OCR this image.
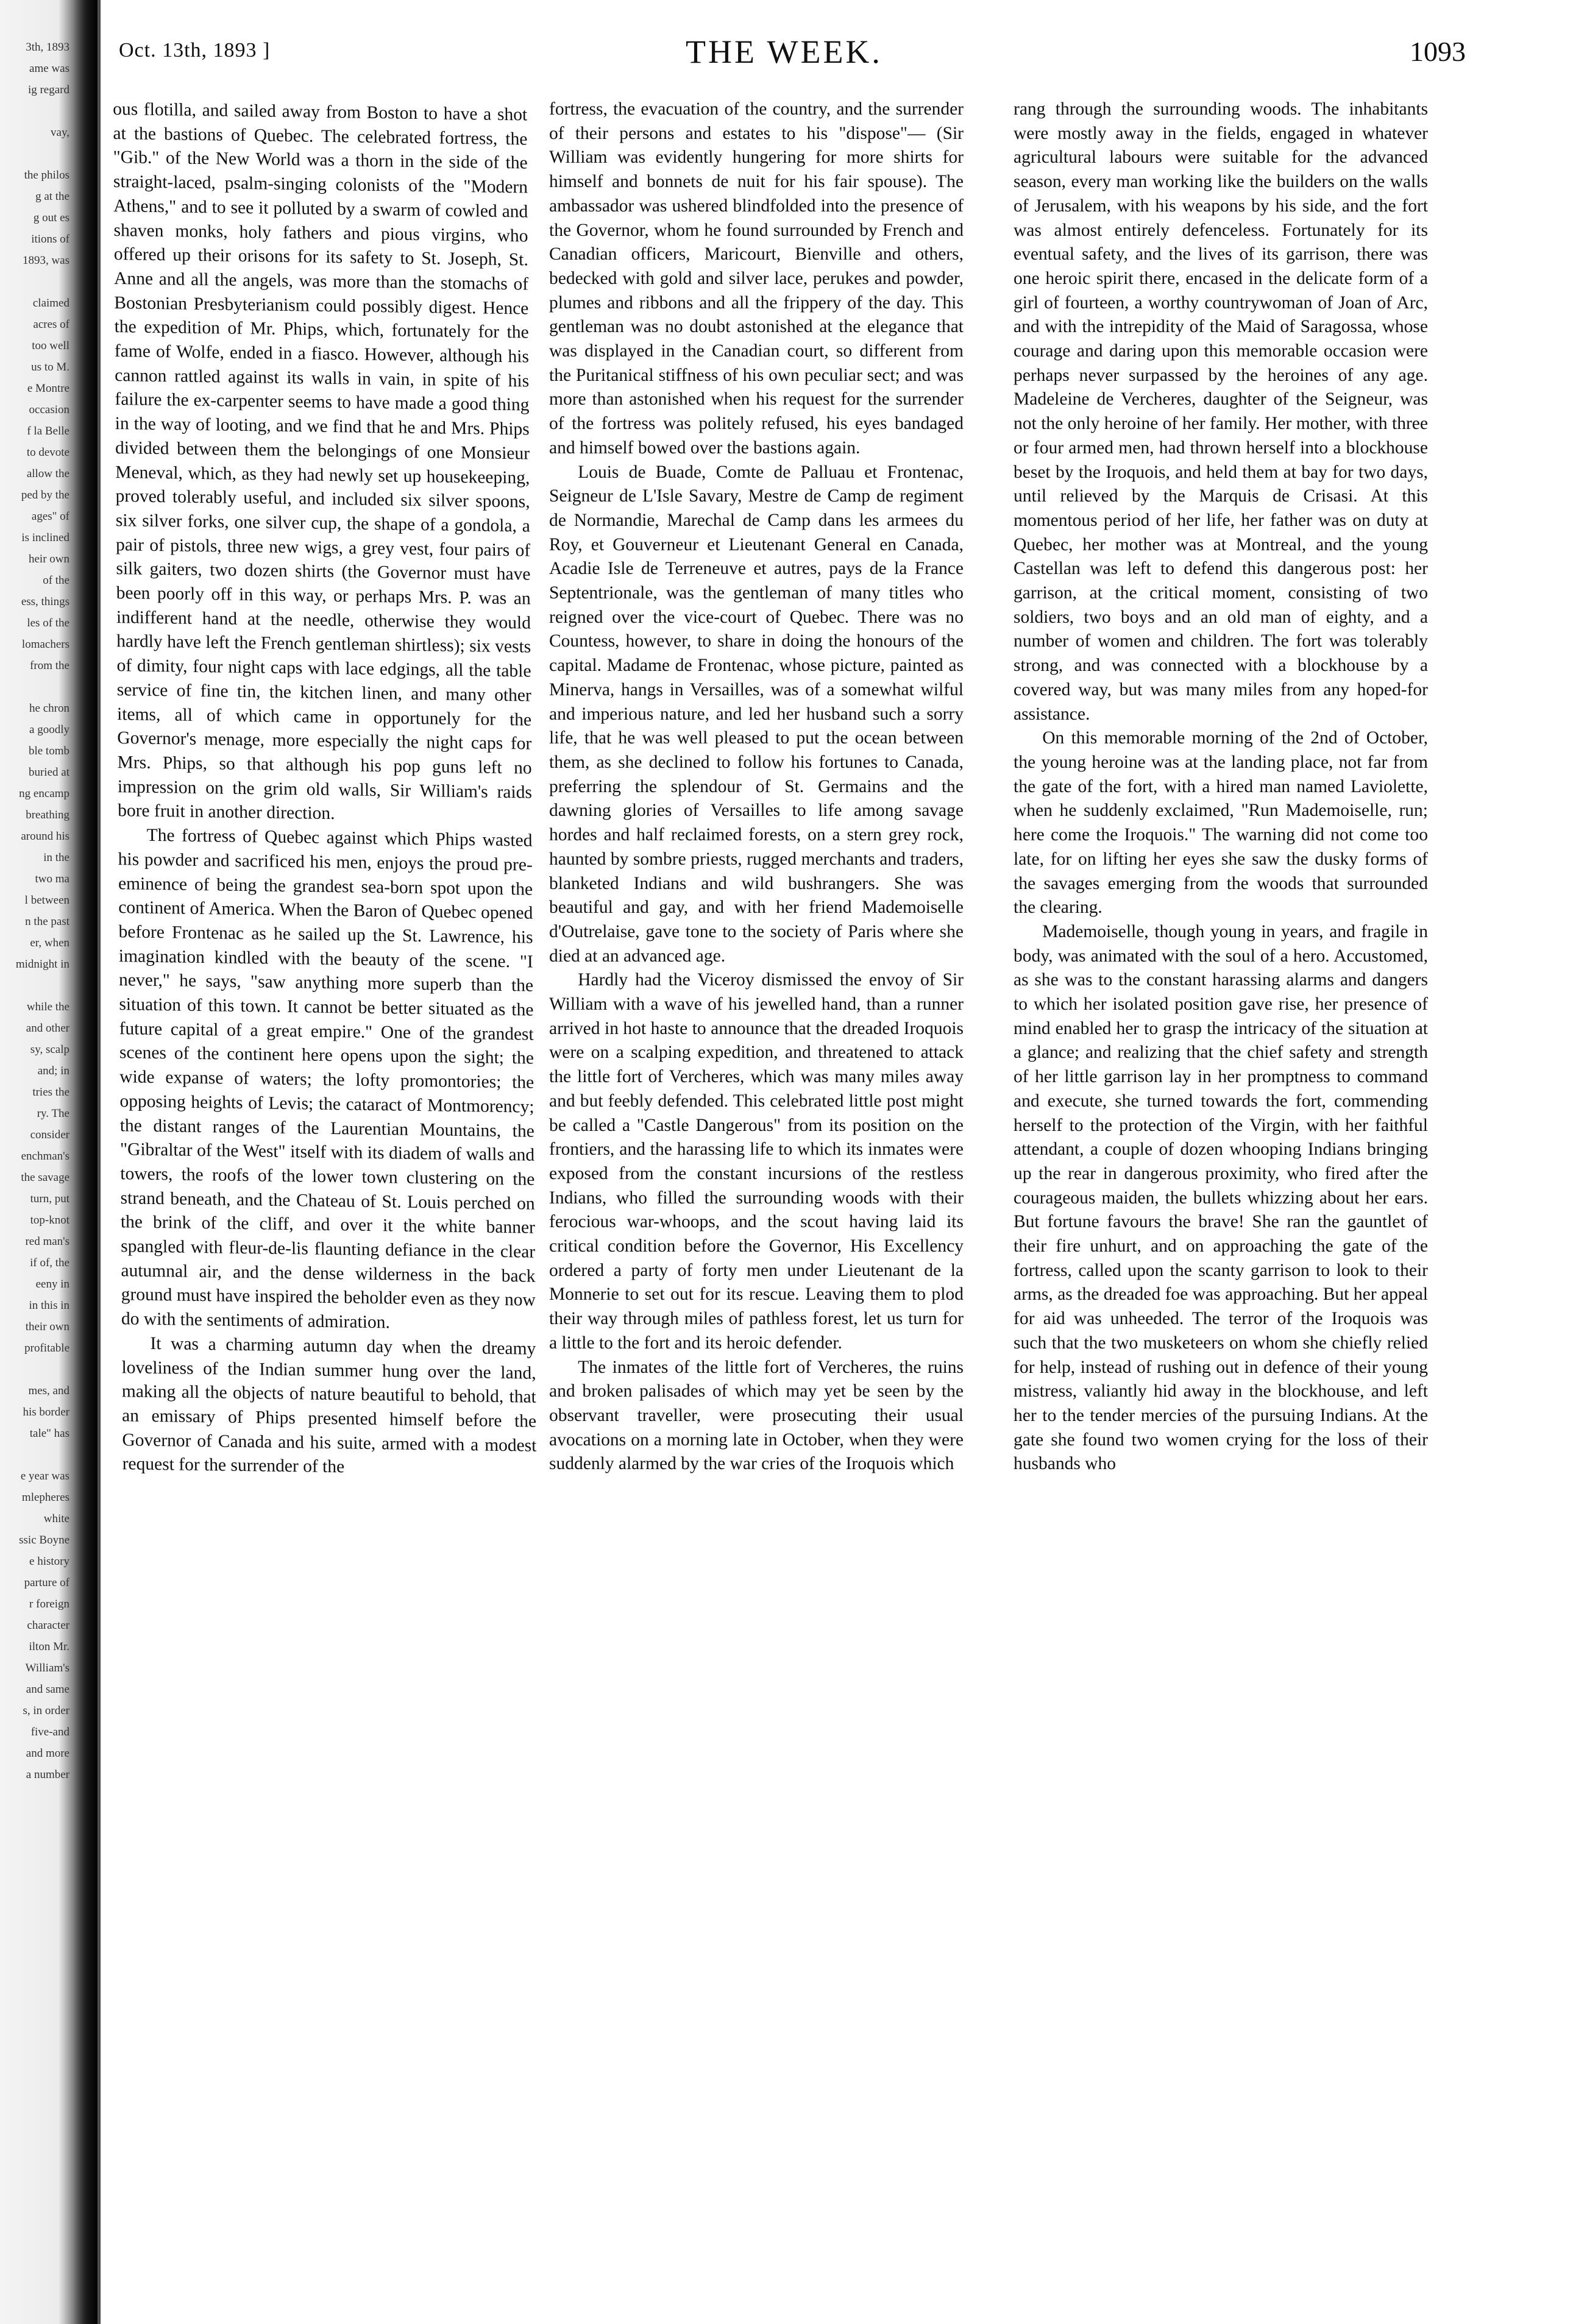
3th, 1893

ame was

ig regard

vay,

the philos

g at the

g out es

itions of

1893, was

claimed

acres of

too well

us to M.

e Montre

occasion

f la Belle

to devote

allow the

ped by the

ages" of

is inclined

heir own

of the

ess, things

les of the

lomachers

from the

he chron

a goodly

ble tomb

buried at

ng encamp

breathing

around his

in the

two ma

l between

n the past

er, when

midnight in

while the

and other

sy, scalp

and; in

tries the

ry. The

consider

enchman's

the savage

turn, put

top-knot

red man's

if of, the

eeny in

in this in

their own

profitable

mes, and

his border

tale" has

e year was

mlepheres

white

ssic Boyne

e history

parture of

r foreign

character

ilton Mr.

William's

and same

s, in order

five-and

and more

a number

Oct. 13th, 1893 ]	THE WEEK.	1093

ous flotilla, and sailed away from Boston to have a shot at the bastions of Quebec. The celebrated fortress, the "Gib." of the New World was a thorn in the side of the straight-laced, psalm-singing colonists of the "Modern Athens," and to see it polluted by a swarm of cowled and shaven monks, holy fathers and pious virgins, who offered up their orisons for its safety to St. Joseph, St. Anne and all the angels, was more than the stomachs of Bostonian Presbyterianism could possibly digest. Hence the expedition of Mr. Phips, which, fortunately for the fame of Wolfe, ended in a fiasco. However, although his cannon rattled against its walls in vain, in spite of his failure the ex-carpenter seems to have made a good thing in the way of looting, and we find that he and Mrs. Phips divided between them the belongings of one Monsieur Meneval, which, as they had newly set up housekeeping, proved tolerably useful, and included six silver spoons, six silver forks, one silver cup, the shape of a gondola, a pair of pistols, three new wigs, a grey vest, four pairs of silk gaiters, two dozen shirts (the Governor must have been poorly off in this way, or perhaps Mrs. P. was an indifferent hand at the needle, otherwise they would hardly have left the French gentleman shirtless); six vests of dimity, four night caps with lace edgings, all the table service of fine tin, the kitchen linen, and many other items, all of which came in opportunely for the Governor's menage, more especially the night caps for Mrs. Phips, so that although his pop guns left no impression on the grim old walls, Sir William's raids bore fruit in another direction.

The fortress of Quebec against which Phips wasted his powder and sacrificed his men, enjoys the proud pre-eminence of being the grandest sea-born spot upon the continent of America. When the Baron of Quebec opened before Frontenac as he sailed up the St. Lawrence, his imagination kindled with the beauty of the scene. "I never," he says, "saw anything more superb than the situation of this town. It cannot be better situated as the future capital of a great empire." One of the grandest scenes of the continent here opens upon the sight; the wide expanse of waters; the lofty promontories; the opposing heights of Levis; the cataract of Montmorency; the distant ranges of the Laurentian Mountains, the "Gibraltar of the West" itself with its diadem of walls and towers, the roofs of the lower town clustering on the strand beneath, and the Chateau of St. Louis perched on the brink of the cliff, and over it the white banner spangled with fleur-de-lis flaunting defiance in the clear autumnal air, and the dense wilderness in the back ground must have inspired the beholder even as they now do with the sentiments of admiration.

It was a charming autumn day when the dreamy loveliness of the Indian summer hung over the land, making all the objects of nature beautiful to behold, that an emissary of Phips presented himself before the Governor of Canada and his suite, armed with a modest request for the surrender of the

fortress, the evacuation of the country, and the surrender of their persons and estates to his "dispose"— (Sir William was evidently hungering for more shirts for himself and bonnets de nuit for his fair spouse). The ambassador was ushered blindfolded into the presence of the Governor, whom he found surrounded by French and Canadian officers, Maricourt, Bienville and others, bedecked with gold and silver lace, perukes and powder, plumes and ribbons and all the frippery of the day. This gentleman was no doubt astonished at the elegance that was displayed in the Canadian court, so different from the Puritanical stiffness of his own peculiar sect; and was more than astonished when his request for the surrender of the fortress was politely refused, his eyes bandaged and himself bowed over the bastions again.

Louis de Buade, Comte de Palluau et Frontenac, Seigneur de L'Isle Savary, Mestre de Camp de regiment de Normandie, Marechal de Camp dans les armees du Roy, et Gouverneur et Lieutenant General en Canada, Acadie Isle de Terreneuve et autres, pays de la France Septentrionale, was the gentleman of many titles who reigned over the vice-court of Quebec. There was no Countess, however, to share in doing the honours of the capital. Madame de Frontenac, whose picture, painted as Minerva, hangs in Versailles, was of a somewhat wilful and imperious nature, and led her husband such a sorry life, that he was well pleased to put the ocean between them, as she declined to follow his fortunes to Canada, preferring the splendour of St. Germains and the dawning glories of Versailles to life among savage hordes and half reclaimed forests, on a stern grey rock, haunted by sombre priests, rugged merchants and traders, blanketed Indians and wild bushrangers. She was beautiful and gay, and with her friend Mademoiselle d'Outrelaise, gave tone to the society of Paris where she died at an advanced age.

Hardly had the Viceroy dismissed the envoy of Sir William with a wave of his jewelled hand, than a runner arrived in hot haste to announce that the dreaded Iroquois were on a scalping expedition, and threatened to attack the little fort of Vercheres, which was many miles away and but feebly defended. This celebrated little post might be called a "Castle Dangerous" from its position on the frontiers, and the harassing life to which its inmates were exposed from the constant incursions of the restless Indians, who filled the surrounding woods with their ferocious war-whoops, and the scout having laid its critical condition before the Governor, His Excellency ordered a party of forty men under Lieutenant de la Monnerie to set out for its rescue. Leaving them to plod their way through miles of pathless forest, let us turn for a little to the fort and its heroic defender.

The inmates of the little fort of Vercheres, the ruins and broken palisades of which may yet be seen by the observant traveller, were prosecuting their usual avocations on a morning late in October, when they were suddenly alarmed by the war cries of the Iroquois which

rang through the surrounding woods. The inhabitants were mostly away in the fields, engaged in whatever agricultural labours were suitable for the advanced season, every man working like the builders on the walls of Jerusalem, with his weapons by his side, and the fort was almost entirely defenceless. Fortunately for its eventual safety, and the lives of its garrison, there was one heroic spirit there, encased in the delicate form of a girl of fourteen, a worthy countrywoman of Joan of Arc, and with the intrepidity of the Maid of Saragossa, whose courage and daring upon this memorable occasion were perhaps never surpassed by the heroines of any age. Madeleine de Vercheres, daughter of the Seigneur, was not the only heroine of her family. Her mother, with three or four armed men, had thrown herself into a blockhouse beset by the Iroquois, and held them at bay for two days, until relieved by the Marquis de Crisasi. At this momentous period of her life, her father was on duty at Quebec, her mother was at Montreal, and the young Castellan was left to defend this dangerous post: her garrison, at the critical moment, consisting of two soldiers, two boys and an old man of eighty, and a number of women and children. The fort was tolerably strong, and was connected with a blockhouse by a covered way, but was many miles from any hoped-for assistance.

On this memorable morning of the 2nd of October, the young heroine was at the landing place, not far from the gate of the fort, with a hired man named Laviolette, when he suddenly exclaimed, "Run Mademoiselle, run; here come the Iroquois." The warning did not come too late, for on lifting her eyes she saw the dusky forms of the savages emerging from the woods that surrounded the clearing.

Mademoiselle, though young in years, and fragile in body, was animated with the soul of a hero. Accustomed, as she was to the constant harassing alarms and dangers to which her isolated position gave rise, her presence of mind enabled her to grasp the intricacy of the situation at a glance; and realizing that the chief safety and strength of her little garrison lay in her promptness to command and execute, she turned towards the fort, commending herself to the protection of the Virgin, with her faithful attendant, a couple of dozen whooping Indians bringing up the rear in dangerous proximity, who fired after the courageous maiden, the bullets whizzing about her ears. But fortune favours the brave! She ran the gauntlet of their fire unhurt, and on approaching the gate of the fortress, called upon the scanty garrison to look to their arms, as the dreaded foe was approaching. But her appeal for aid was unheeded. The terror of the Iroquois was such that the two musketeers on whom she chiefly relied for help, instead of rushing out in defence of their young mistress, valiantly hid away in the blockhouse, and left her to the tender mercies of the pursuing Indians. At the gate she found two women crying for the loss of their husbands who
